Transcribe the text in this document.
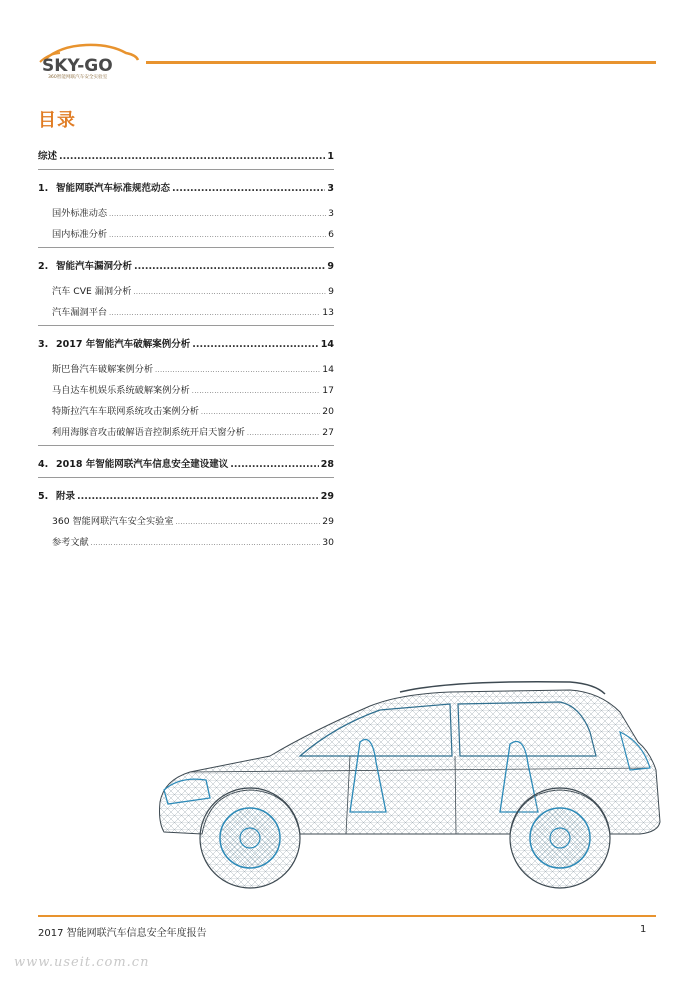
SKY-GO
360智能网联汽车安全实验室
目录
综述 .....	1
1. 智能网联汽车标准规范动态 .....	3
国外标准动态 .....	3
国内标准分析 .....	6
2. 智能汽车漏洞分析 .....	9
汽车 CVE 漏洞分析 .....	9
汽车漏洞平台 .....	13
3. 2017 年智能汽车破解案例分析 .....	14
斯巴鲁汽车破解案例分析 .....	14
马自达车机娱乐系统破解案例分析 .....	17
特斯拉汽车车联网系统攻击案例分析 .....	20
利用海豚音攻击破解语音控制系统开启天窗分析 .....	27
4. 2018 年智能网联汽车信息安全建设建议 .....	28
5. 附录 .....	29
360 智能网联汽车安全实验室 .....	29
参考文献 .....	30
2017 智能网联汽车信息安全年度报告	1
www.useit.com.cn
